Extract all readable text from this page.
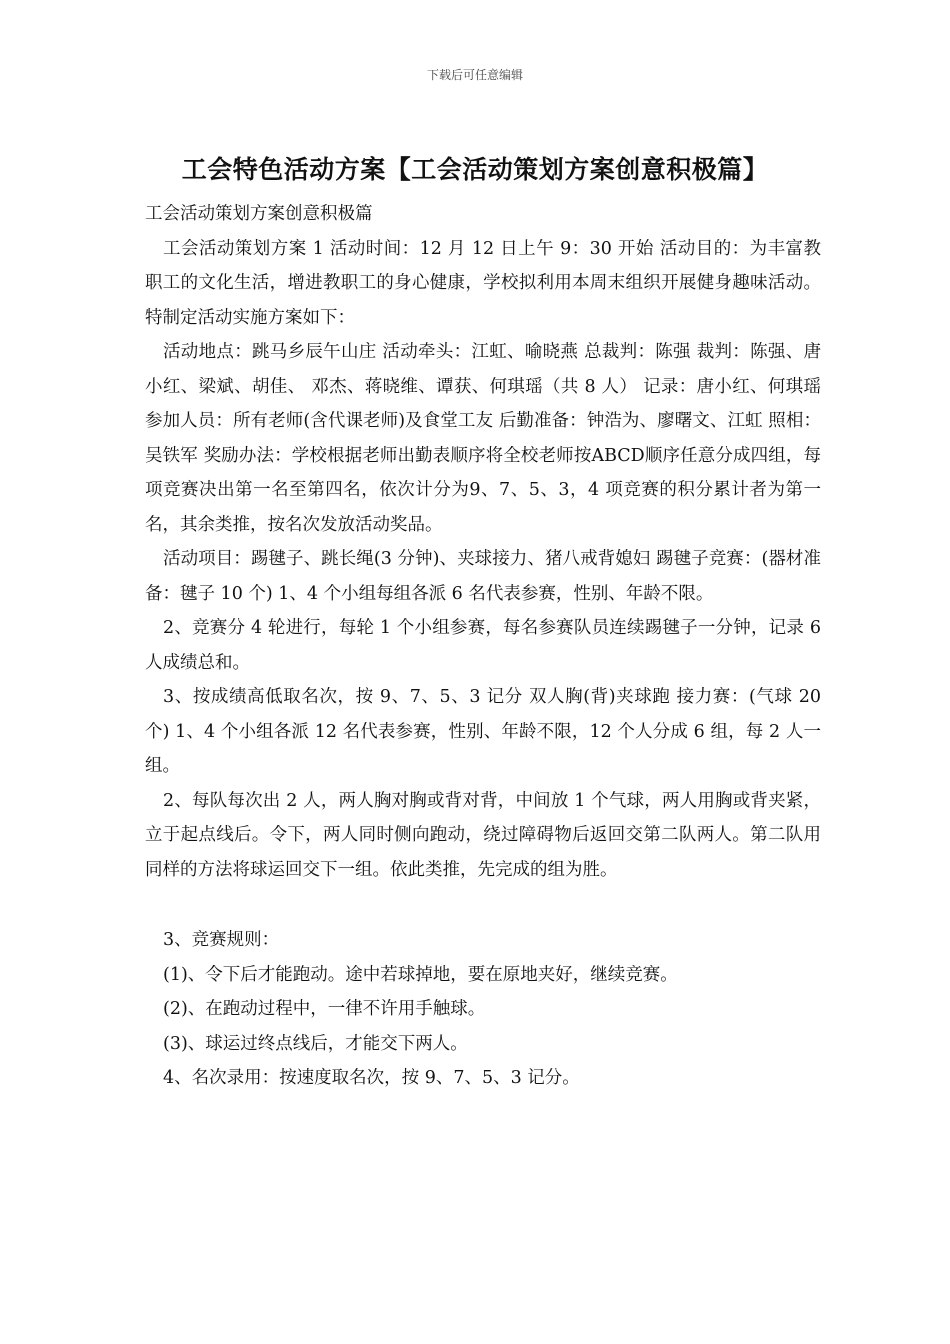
下载后可任意编辑
工会特色活动方案【工会活动策划方案创意积极篇】

工会活动策划方案创意积极篇

工会活动策划方案 1 活动时间：12 月 12 日上午 9：30 开始 活动目的：为丰富教职工的文化生活，增进教职工的身心健康，学校拟利用本周末组织开展健身趣味活动。特制定活动实施方案如下：

活动地点：跳马乡辰午山庄 活动牵头：江虹、喻晓燕 总裁判：陈强 裁判：陈强、唐小红、梁斌、胡佳、 邓杰、蒋晓维、谭获、何琪瑶（共 8 人） 记录：唐小红、何琪瑶 参加人员：所有老师(含代课老师)及食堂工友 后勤准备：钟浩为、廖曙文、江虹 照相：吴铁军 奖励办法：学校根据老师出勤表顺序将全校老师按ABCD顺序任意分成四组，每项竞赛决出第一名至第四名，依次计分为9、7、5、3，4 项竞赛的积分累计者为第一名，其余类推，按名次发放活动奖品。

活动项目：踢毽子、跳长绳(3 分钟)、夹球接力、猪八戒背媳妇 踢毽子竞赛：(器材准备：毽子 10 个) 1、4 个小组每组各派 6 名代表参赛，性别、年龄不限。

2、竞赛分 4 轮进行，每轮 1 个小组参赛，每名参赛队员连续踢毽子一分钟，记录 6 人成绩总和。

3、按成绩高低取名次，按 9、7、5、3 记分 双人胸(背)夹球跑 接力赛：(气球 20 个) 1、4 个小组各派 12 名代表参赛，性别、年龄不限，12 个人分成 6 组，每 2 人一组。

2、每队每次出 2 人，两人胸对胸或背对背，中间放 1 个气球，两人用胸或背夹紧，立于起点线后。令下，两人同时侧向跑动，绕过障碍物后返回交第二队两人。第二队用同样的方法将球运回交下一组。依此类推，先完成的组为胜。

3、竞赛规则：

(1)、令下后才能跑动。途中若球掉地，要在原地夹好，继续竞赛。

(2)、在跑动过程中，一律不许用手触球。

(3)、球运过终点线后，才能交下两人。

4、名次录用：按速度取名次，按 9、7、5、3 记分。
